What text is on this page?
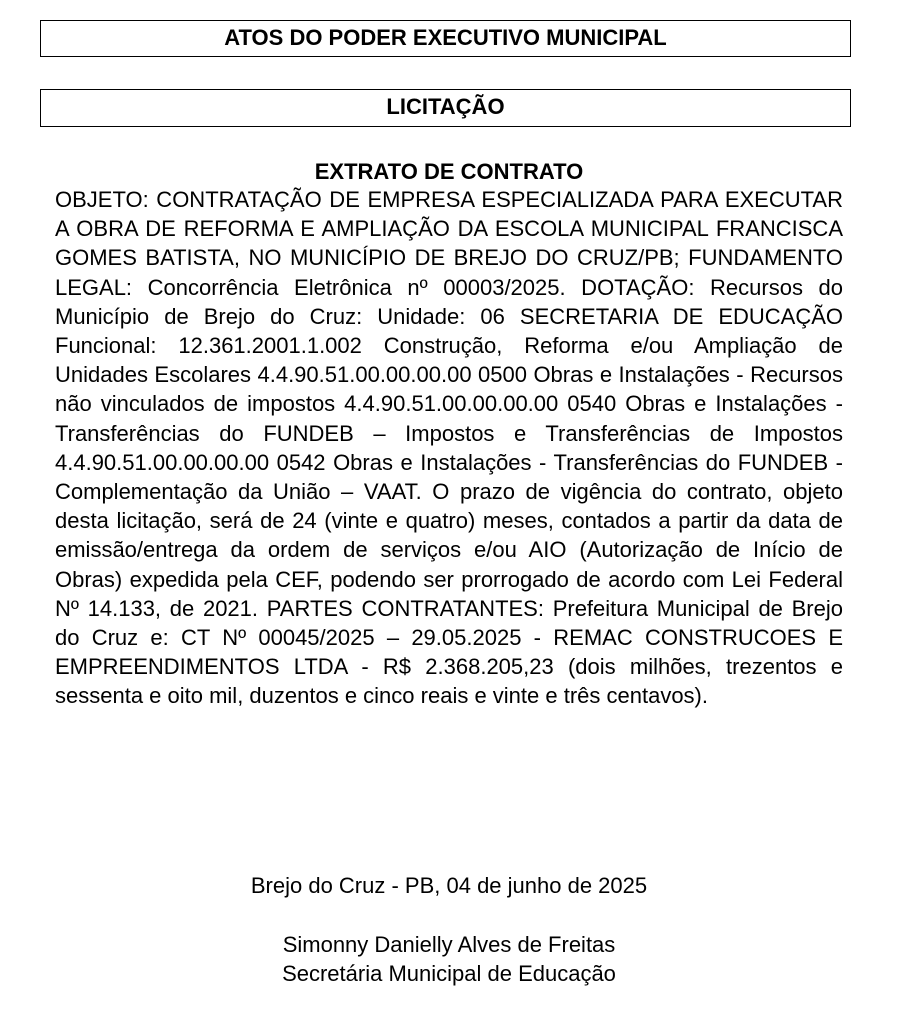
ATOS DO PODER EXECUTIVO MUNICIPAL
LICITAÇÃO
EXTRATO DE CONTRATO
OBJETO: CONTRATAÇÃO DE EMPRESA ESPECIALIZADA PARA EXECUTAR A OBRA DE REFORMA E AMPLIAÇÃO DA ESCOLA MUNICIPAL FRANCISCA GOMES BATISTA, NO MUNICÍPIO DE BREJO DO CRUZ/PB; FUNDAMENTO LEGAL: Concorrência Eletrônica nº 00003/2025. DOTAÇÃO: Recursos do Município de Brejo do Cruz: Unidade: 06 SECRETARIA DE EDUCAÇÃO Funcional: 12.361.2001.1.002 Construção, Reforma e/ou Ampliação de Unidades Escolares 4.4.90.51.00.00.00.00 0500 Obras e Instalações - Recursos não vinculados de impostos 4.4.90.51.00.00.00.00 0540 Obras e Instalações - Transferências do FUNDEB – Impostos e Transferências de Impostos 4.4.90.51.00.00.00.00 0542 Obras e Instalações - Transferências do FUNDEB - Complementação da União – VAAT. O prazo de vigência do contrato, objeto desta licitação, será de 24 (vinte e quatro) meses, contados a partir da data de emissão/entrega da ordem de serviços e/ou AIO (Autorização de Início de Obras) expedida pela CEF, podendo ser prorrogado de acordo com Lei Federal Nº 14.133, de 2021. PARTES CONTRATANTES: Prefeitura Municipal de Brejo do Cruz e: CT Nº 00045/2025 – 29.05.2025 - REMAC CONSTRUCOES E EMPREENDIMENTOS LTDA - R$ 2.368.205,23 (dois milhões, trezentos e sessenta e oito mil, duzentos e cinco reais e vinte e três centavos).
Brejo do Cruz - PB, 04 de junho de 2025
Simonny Danielly Alves de Freitas
Secretária Municipal de Educação
